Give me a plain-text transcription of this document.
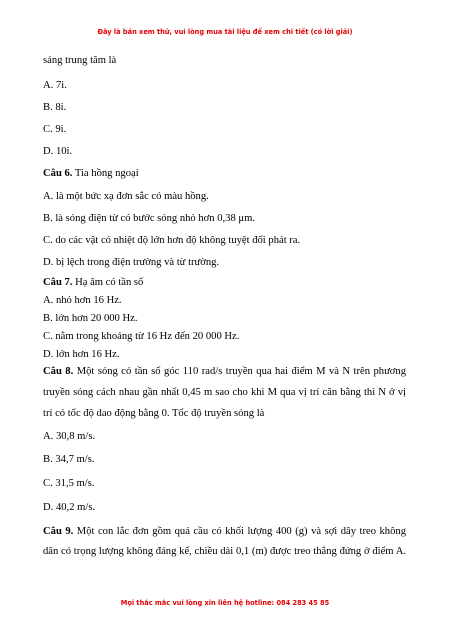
Đây là bản xem thử, vui lòng mua tài liệu để xem chi tiết (có lời giải)
sáng trung tâm là
A. 7i.
B. 8i.
C. 9i.
D. 10i.
Câu 6. Tia hồng ngoại
A. là một bức xạ đơn sắc có màu hồng.
B. là sóng điện từ có bước sóng nhỏ hơn 0,38 μm.
C. do các vật có nhiệt độ lớn hơn độ không tuyệt đối phát ra.
D. bị lệch trong điện trường và từ trường.
Câu 7. Hạ âm có tần số
A. nhỏ hơn 16 Hz.
B. lớn hơn 20 000 Hz.
C. nằm trong khoảng từ 16 Hz đến 20 000 Hz.
D. lớn hơn 16 Hz.
Câu 8. Một sóng có tần số góc 110 rad/s truyền qua hai điểm M và N trên phương
truyền sóng cách nhau gần nhất 0,45 m sao cho khi M qua vị trí cân bằng thì N ở vị
trí có tốc độ dao động bằng 0. Tốc độ truyền sóng là
A. 30,8 m/s.
B. 34,7 m/s.
C. 31,5 m/s.
D. 40,2 m/s.
Câu 9. Một con lắc đơn gồm quả cầu có khối lượng 400 (g) và sợi dây treo không
dãn có trọng lượng không đáng kể, chiều dài 0,1 (m) được treo thẳng đứng ở điểm A.
Mọi thắc mắc vui lòng xin liên hệ hotline: 084 283 45 85
